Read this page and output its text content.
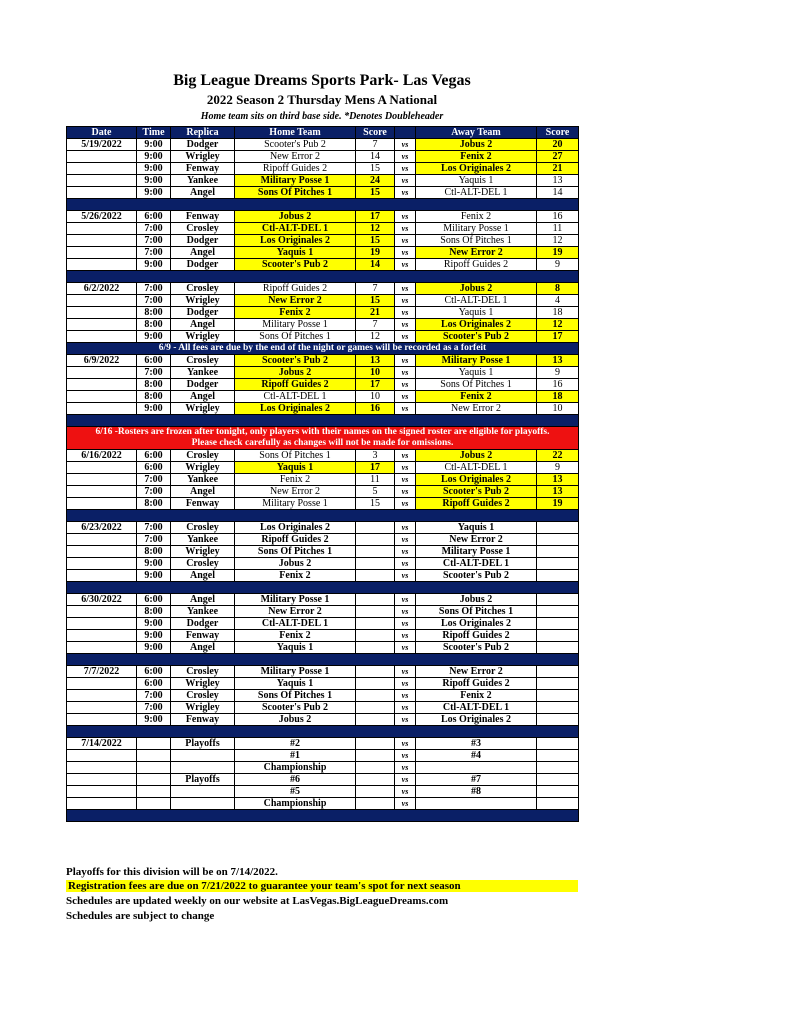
Big League Dreams Sports Park- Las Vegas
2022 Season 2 Thursday Mens A National
Home team sits on third base side. *Denotes Doubleheader
Date	Time	Replica	Home Team	Score		Away Team	Score
5/19/2022	9:00	Dodger	Scooter's Pub 2	7	vs	Jobus 2	20
	9:00	Wrigley	New Error 2	14	vs	Fenix 2	27
	9:00	Fenway	Ripoff Guides 2	15	vs	Los Originales 2	21
	9:00	Yankee	Military Posse 1	24	vs	Yaquis 1	13
	9:00	Angel	Sons Of Pitches 1	15	vs	Ctl-ALT-DEL 1	14

5/26/2022	6:00	Fenway	Jobus 2	17	vs	Fenix 2	16
	7:00	Crosley	Ctl-ALT-DEL 1	12	vs	Military Posse 1	11
	7:00	Dodger	Los Originales 2	15	vs	Sons Of Pitches 1	12
	7:00	Angel	Yaquis 1	19	vs	New Error 2	19
	9:00	Dodger	Scooter's Pub 2	14	vs	Ripoff Guides 2	9

6/2/2022	7:00	Crosley	Ripoff Guides 2	7	vs	Jobus 2	8
	7:00	Wrigley	New Error 2	15	vs	Ctl-ALT-DEL 1	4
	8:00	Dodger	Fenix 2	21	vs	Yaquis 1	18
	8:00	Angel	Military Posse 1	7	vs	Los Originales 2	12
	9:00	Wrigley	Sons Of Pitches 1	12	vs	Scooter's Pub 2	17
6/9 - All fees are due by the end of the night or games will be recorded as a forfeit							
6/9/2022	6:00	Crosley	Scooter's Pub 2	13	vs	Military Posse 1	13
	7:00	Yankee	Jobus 2	10	vs	Yaquis 1	9
	8:00	Dodger	Ripoff Guides 2	17	vs	Sons Of Pitches 1	16
	8:00	Angel	Ctl-ALT-DEL 1	10	vs	Fenix 2	18
	9:00	Wrigley	Los Originales 2	16	vs	New Error 2	10

6/16 -Rosters are frozen after tonight, only players with their names on the signed roster are eligible for playoffs.
Please check carefully as changes will not be made for omissions.							

6/16/2022	6:00	Crosley	Sons Of Pitches 1	3	vs	Jobus 2	22
	6:00	Wrigley	Yaquis 1	17	vs	Ctl-ALT-DEL 1	9
	7:00	Yankee	Fenix 2	11	vs	Los Originales 2	13
	7:00	Angel	New Error 2	5	vs	Scooter's Pub 2	13
	8:00	Fenway	Military Posse 1	15	vs	Ripoff Guides 2	19

6/23/2022	7:00	Crosley	Los Originales 2		vs	Yaquis 1	
	7:00	Yankee	Ripoff Guides 2		vs	New Error 2	
	8:00	Wrigley	Sons Of Pitches 1		vs	Military Posse 1	
	9:00	Crosley	Jobus 2		vs	Ctl-ALT-DEL 1	
	9:00	Angel	Fenix 2		vs	Scooter's Pub 2	

6/30/2022	6:00	Angel	Military Posse 1		vs	Jobus 2	
	8:00	Yankee	New Error 2		vs	Sons Of Pitches 1	
	9:00	Dodger	Ctl-ALT-DEL 1		vs	Los Originales 2	
	9:00	Fenway	Fenix 2		vs	Ripoff Guides 2	
	9:00	Angel	Yaquis 1		vs	Scooter's Pub 2	

7/7/2022	6:00	Crosley	Military Posse 1		vs	New Error 2	
	6:00	Wrigley	Yaquis 1		vs	Ripoff Guides 2	
	7:00	Crosley	Sons Of Pitches 1		vs	Fenix 2	
	7:00	Wrigley	Scooter's Pub 2		vs	Ctl-ALT-DEL 1	
	9:00	Fenway	Jobus 2		vs	Los Originales 2	

7/14/2022		Playoffs	#2		vs	#3	
			#1		vs	#4	
			Championship		vs		
		Playoffs	#6		vs	#7	
			#5		vs	#8	
			Championship		vs		

Playoffs for this division will be on 7/14/2022.
Registration fees are due on 7/21/2022 to guarantee your team's spot for next season
Schedules are updated weekly on our website at LasVegas.BigLeagueDreams.com
Schedules are subject to change
